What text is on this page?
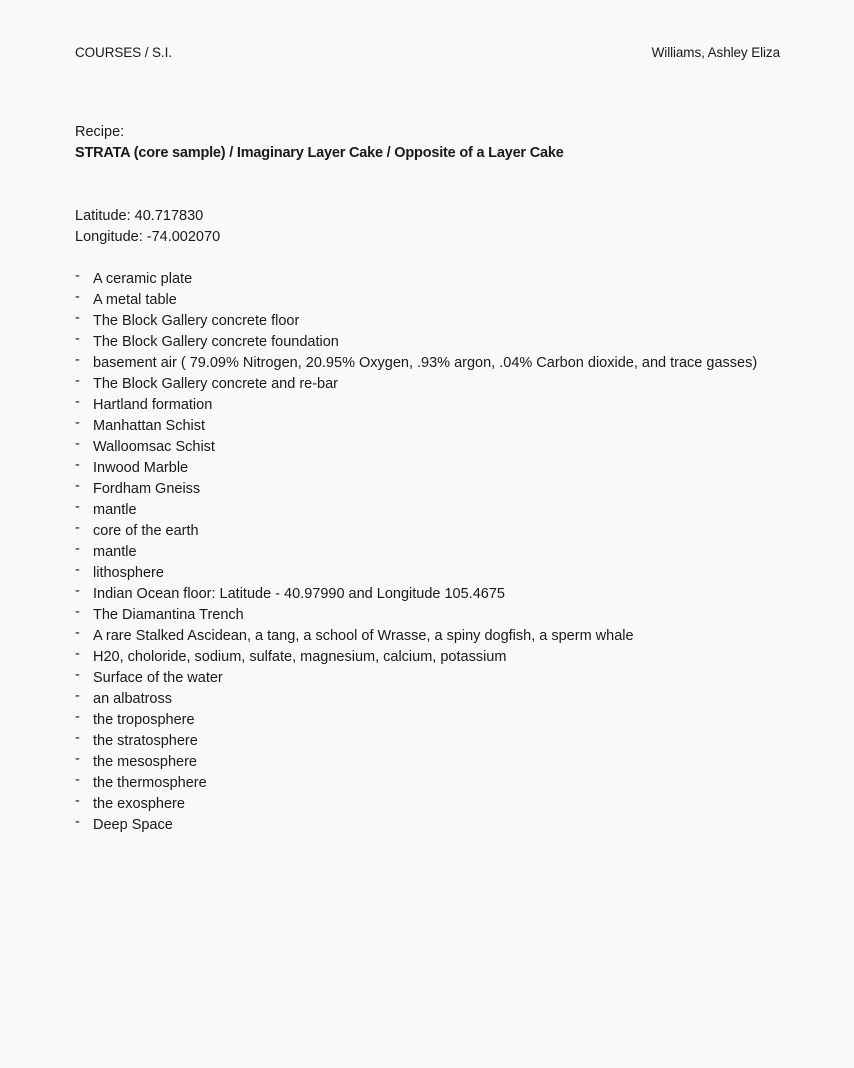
COURSES / S.I.	Williams, Ashley Eliza
Recipe:
STRATA (core sample) / Imaginary Layer Cake / Opposite of a Layer Cake
Latitude: 40.717830
Longitude: -74.002070
- A ceramic plate
- A metal table
- The Block Gallery concrete floor
- The Block Gallery concrete foundation
- basement air ( 79.09% Nitrogen, 20.95% Oxygen, .93% argon, .04% Carbon dioxide, and trace gasses)
- The Block Gallery concrete and re-bar
- Hartland formation
- Manhattan Schist
- Walloomsac Schist
- Inwood Marble
- Fordham Gneiss
- mantle
- core of the earth
- mantle
- lithosphere
- Indian Ocean floor: Latitude - 40.97990 and Longitude 105.4675
- The Diamantina Trench
- A rare Stalked Ascidean, a tang, a school of Wrasse, a spiny dogfish, a sperm whale
- H20, choloride, sodium, sulfate, magnesium, calcium, potassium
- Surface of the water
- an albatross
- the troposphere
- the stratosphere
- the mesosphere
- the thermosphere
- the exosphere
- Deep Space
